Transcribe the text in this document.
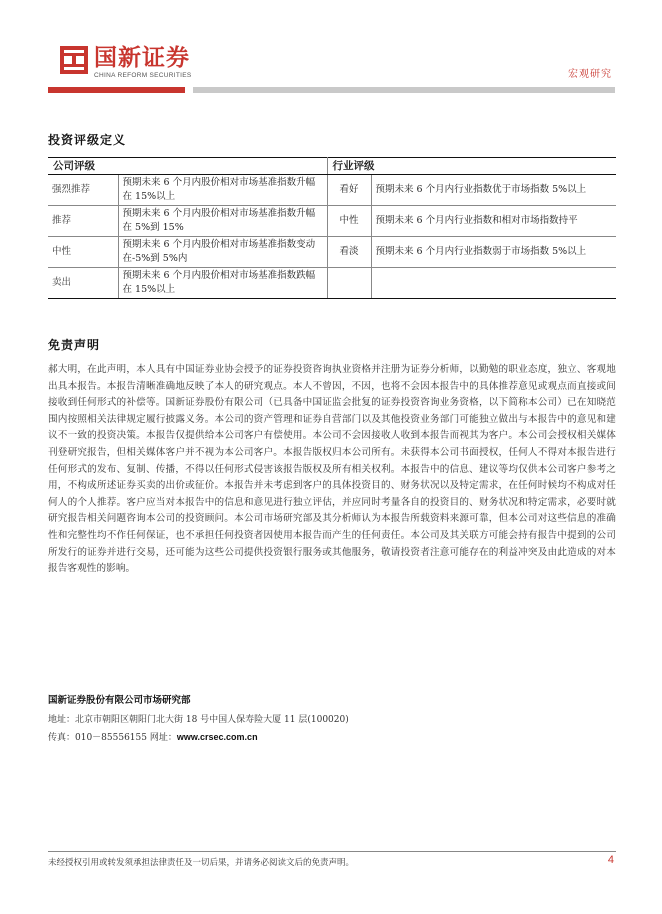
国新证券
CHINA REFORM SECURITIES	宏观研究
投资评级定义
公司评级		行业评级	
强烈推荐	预期未来 6 个月内股价相对市场基准指数升幅在 15%以上	看好	预期未来 6 个月内行业指数优于市场指数 5%以上
推荐	预期未来 6 个月内股价相对市场基准指数升幅在 5%到 15%	中性	预期未来 6 个月内行业指数和相对市场指数持平
中性	预期未来 6 个月内股价相对市场基准指数变动在-5%到 5%内	看淡	预期未来 6 个月内行业指数弱于市场指数 5%以上
卖出	预期未来 6 个月内股价相对市场基准指数跌幅在 15%以上		
免责声明
郝大明，在此声明，本人具有中国证券业协会授予的证券投资咨询执业资格并注册为证券分析师，以勤勉的职业态度，独立、客观地出具本报告。本报告清晰准确地反映了本人的研究观点。本人不曾因，不因，也将不会因本报告中的具体推荐意见或观点而直接或间接收到任何形式的补偿等。国新证券股份有限公司（已具备中国证监会批复的证券投资咨询业务资格，以下简称本公司）已在知晓范围内按照相关法律规定履行披露义务。本公司的资产管理和证券自营部门以及其他投资业务部门可能独立做出与本报告中的意见和建议不一致的投资决策。本报告仅提供给本公司客户有偿使用。本公司不会因接收人收到本报告而视其为客户。本公司会授权相关媒体刊登研究报告，但相关媒体客户并不视为本公司客户。本报告版权归本公司所有。未获得本公司书面授权，任何人不得对本报告进行任何形式的发布、复制、传播，不得以任何形式侵害该报告版权及所有相关权利。本报告中的信息、建议等均仅供本公司客户参考之用，不构成所述证券买卖的出价或征价。本报告并未考虑到客户的具体投资目的、财务状况以及特定需求，在任何时候均不构成对任何人的个人推荐。客户应当对本报告中的信息和意见进行独立评估，并应同时考量各自的投资目的、财务状况和特定需求，必要时就研究报告相关问题咨询本公司的投资顾问。本公司市场研究部及其分析师认为本报告所载资料来源可靠，但本公司对这些信息的准确性和完整性均不作任何保证，也不承担任何投资者因使用本报告而产生的任何责任。本公司及其关联方可能会持有报告中提到的公司所发行的证券并进行交易，还可能为这些公司提供投资银行服务或其他服务，敬请投资者注意可能存在的利益冲突及由此造成的对本报告客观性的影响。
国新证券股份有限公司市场研究部
地址：北京市朝阳区朝阳门北大街 18 号中国人保寿险大厦 11 层(100020)
传真：010－85556155 网址：www.crsec.com.cn
未经授权引用或转发须承担法律责任及一切后果，并请务必阅读文后的免责声明。	4
